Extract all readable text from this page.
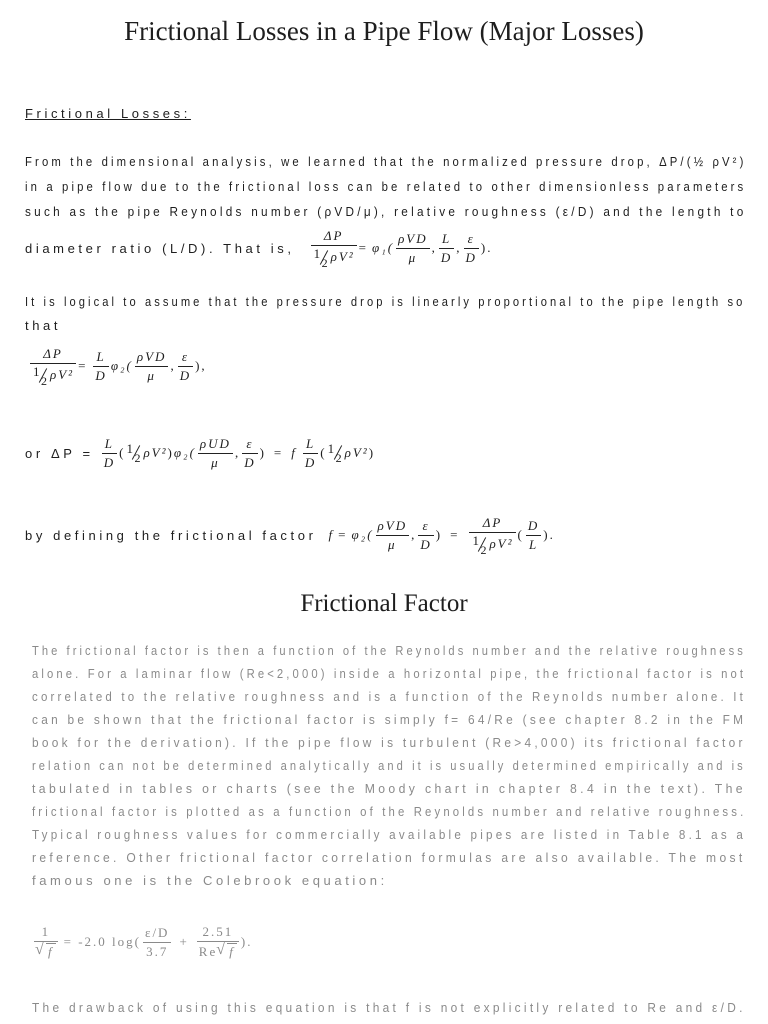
Frictional Losses in a Pipe Flow (Major Losses)
Frictional Losses:
From the dimensional analysis, we learned that the normalized pressure drop, ΔP/(½ ρV²)
in a pipe flow due to the frictional loss can be related to other dimensionless parameters
such as the pipe Reynolds number (ρVD/μ), relative roughness (ε/D) and the length to
diameter ratio (L/D). That is, ΔP
1
2 $\rho V^2 = \varphi_1( \frac{\text{ρVD}}{\mu}$ , $\frac{L}{D}$ , $\frac{\varepsilon}{D}$ ).
It is logical to assume that the pressure drop is linearly proportional to the pipe length so
that
ΔP
1
2 $\rho V^2 = \frac{L}{D} \varphi_2( \frac{\text{ρVD}}{\mu}$ , $\frac{\varepsilon}{D}$ ),
or $\Delta P = \frac{L}{D}$ ( 1
2 ρV² ) $\varphi_2( \frac{\text{ρUD}}{\mu}$ , $\frac{\varepsilon}{D}$ ) = f $\frac{L}{D}$ ( 1
2 ρV² )
by defining the frictional factor $f = \varphi_2( \frac{\text{ρVD}}{\mu}$ , $\frac{\varepsilon}{D}$ ) = ΔP
1
2 ρV² ( $\frac{D}{L}$ ).
Frictional Factor
The frictional factor is then a function of the Reynolds number and the relative roughness
alone. For a laminar flow (Re<2,000) inside a horizontal pipe, the frictional factor is not
correlated to the relative roughness and is a function of the Reynolds number alone. It
can be shown that the frictional factor is simply f= 64/Re (see chapter 8.2 in the FM
book for the derivation). If the pipe flow is turbulent (Re>4,000) its frictional factor
relation can not be determined analytically and it is usually determined empirically and is
tabulated in tables or charts (see the Moody chart in chapter 8.4 in the text). The
frictional factor is plotted as a function of the Reynolds number and relative roughness.
Typical roughness values for commercially available pipes are listed in Table 8.1 as a
reference. Other frictional factor correlation formulas are also available. The most
famous one is the Colebrook equation:
1
√ f = -2.0 $\log( \frac{\varepsilon/D}{3.7} + \frac{2.51}{Re√ f}$ ).
The drawback of using this equation is that f is not explicitly related to Re and ε/D.
